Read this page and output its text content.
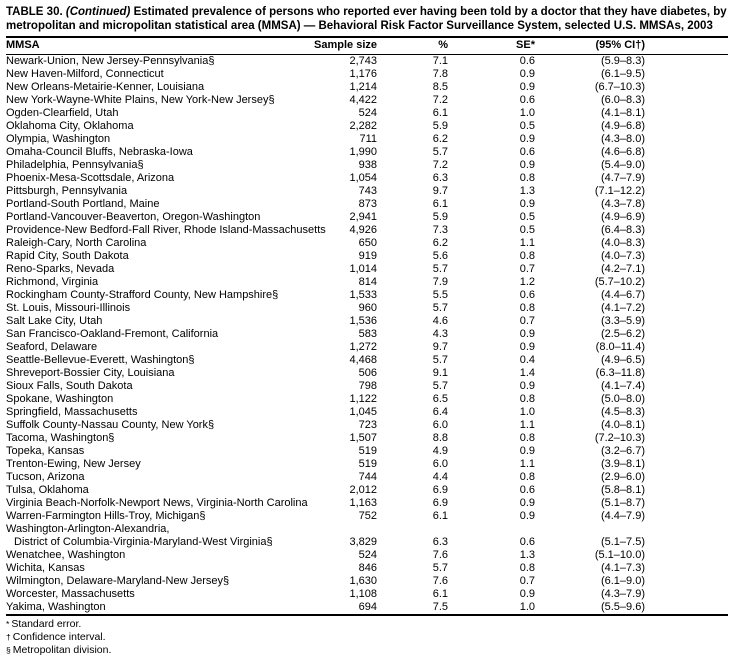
TABLE 30. (Continued) Estimated prevalence of persons who reported ever having been told by a doctor that they have diabetes, by metropolitan and micropolitan statistical area (MMSA) — Behavioral Risk Factor Surveillance System, selected U.S. MMSAs, 2003
MMSA	Sample size	%	SE*	(95% CI†)
Newark-Union, New Jersey-Pennsylvania§	2,743	7.1	0.6	(5.9–8.3)
New Haven-Milford, Connecticut	1,176	7.8	0.9	(6.1–9.5)
New Orleans-Metairie-Kenner, Louisiana	1,214	8.5	0.9	(6.7–10.3)
New York-Wayne-White Plains, New York-New Jersey§	4,422	7.2	0.6	(6.0–8.3)
Ogden-Clearfield, Utah	524	6.1	1.0	(4.1–8.1)
Oklahoma City, Oklahoma	2,282	5.9	0.5	(4.9–6.8)
Olympia, Washington	711	6.2	0.9	(4.3–8.0)
Omaha-Council Bluffs, Nebraska-Iowa	1,990	5.7	0.6	(4.6–6.8)
Philadelphia, Pennsylvania§	938	7.2	0.9	(5.4–9.0)
Phoenix-Mesa-Scottsdale, Arizona	1,054	6.3	0.8	(4.7–7.9)
Pittsburgh, Pennsylvania	743	9.7	1.3	(7.1–12.2)
Portland-South Portland, Maine	873	6.1	0.9	(4.3–7.8)
Portland-Vancouver-Beaverton, Oregon-Washington	2,941	5.9	0.5	(4.9–6.9)
Providence-New Bedford-Fall River, Rhode Island-Massachusetts	4,926	7.3	0.5	(6.4–8.3)
Raleigh-Cary, North Carolina	650	6.2	1.1	(4.0–8.3)
Rapid City, South Dakota	919	5.6	0.8	(4.0–7.3)
Reno-Sparks, Nevada	1,014	5.7	0.7	(4.2–7.1)
Richmond, Virginia	814	7.9	1.2	(5.7–10.2)
Rockingham County-Strafford County, New Hampshire§	1,533	5.5	0.6	(4.4–6.7)
St. Louis, Missouri-Illinois	960	5.7	0.8	(4.1–7.2)
Salt Lake City, Utah	1,536	4.6	0.7	(3.3–5.9)
San Francisco-Oakland-Fremont, California	583	4.3	0.9	(2.5–6.2)
Seaford, Delaware	1,272	9.7	0.9	(8.0–11.4)
Seattle-Bellevue-Everett, Washington§	4,468	5.7	0.4	(4.9–6.5)
Shreveport-Bossier City, Louisiana	506	9.1	1.4	(6.3–11.8)
Sioux Falls, South Dakota	798	5.7	0.9	(4.1–7.4)
Spokane, Washington	1,122	6.5	0.8	(5.0–8.0)
Springfield, Massachusetts	1,045	6.4	1.0	(4.5–8.3)
Suffolk County-Nassau County, New York§	723	6.0	1.1	(4.0–8.1)
Tacoma, Washington§	1,507	8.8	0.8	(7.2–10.3)
Topeka, Kansas	519	4.9	0.9	(3.2–6.7)
Trenton-Ewing, New Jersey	519	6.0	1.1	(3.9–8.1)
Tucson, Arizona	744	4.4	0.8	(2.9–6.0)
Tulsa, Oklahoma	2,012	6.9	0.6	(5.8–8.1)
Virginia Beach-Norfolk-Newport News, Virginia-North Carolina	1,163	6.9	0.9	(5.1–8.7)
Warren-Farmington Hills-Troy, Michigan§	752	6.1	0.9	(4.4–7.9)

Washington-Arlington-Alexandria,
District of Columbia-Virginia-Maryland-West Virginia§	3,829	6.3	0.6	(5.1–7.5)
Wenatchee, Washington	524	7.6	1.3	(5.1–10.0)
Wichita, Kansas	846	5.7	0.8	(4.1–7.3)
Wilmington, Delaware-Maryland-New Jersey§	1,630	7.6	0.7	(6.1–9.0)
Worcester, Massachusetts	1,108	6.1	0.9	(4.3–7.9)
Yakima, Washington	694	7.5	1.0	(5.5–9.6)
* Standard error.
† Confidence interval.
§ Metropolitan division.
